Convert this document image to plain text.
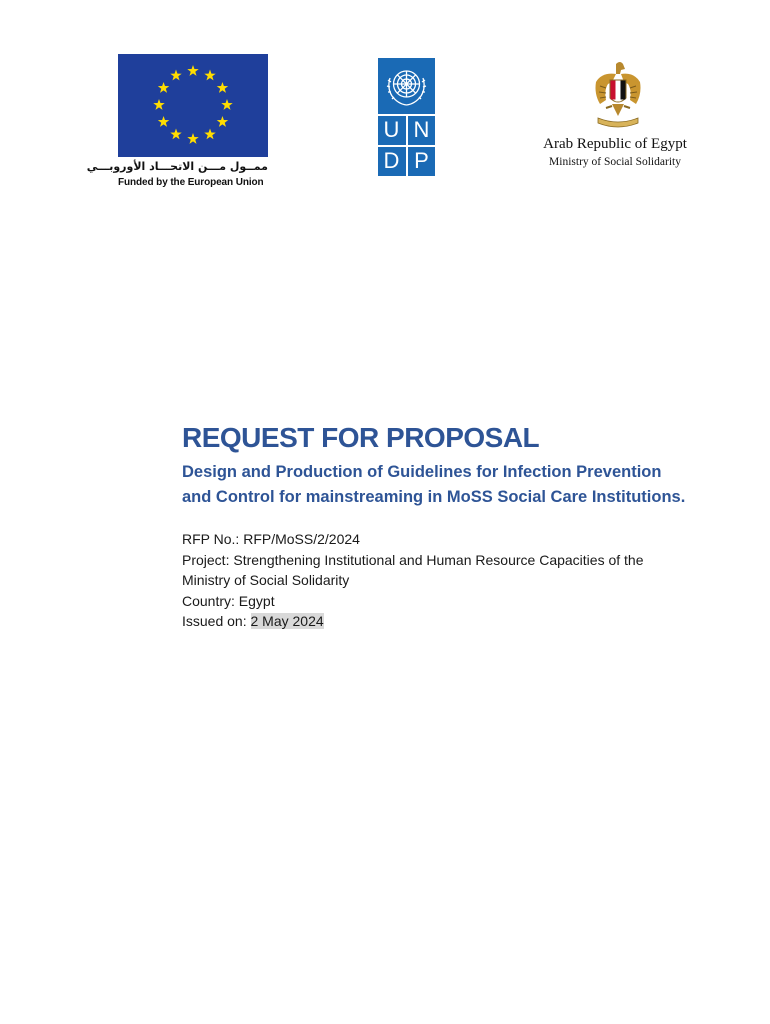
ممــول مـــن الاتحـــاد الأوروبـــي
Funded by the European Union
U N
D P
Arab Republic of Egypt
Ministry of Social Solidarity
REQUEST FOR PROPOSAL
Design and Production of Guidelines for Infection Prevention
and Control for mainstreaming in MoSS Social Care Institutions.
RFP No.: RFP/MoSS/2/2024
Project: Strengthening Institutional and Human Resource Capacities of the
Ministry of Social Solidarity
Country: Egypt
Issued on: 2 May 2024
